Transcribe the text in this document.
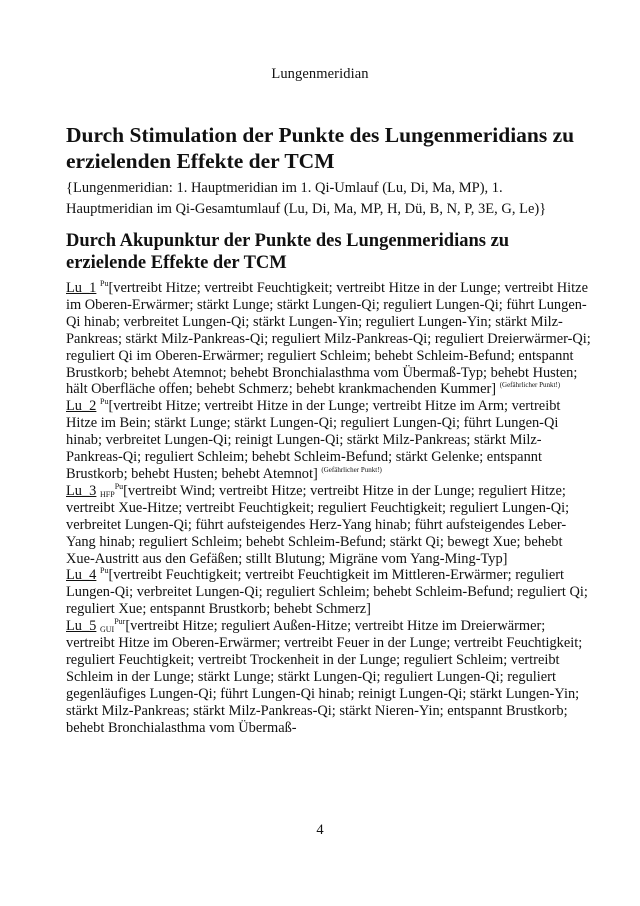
Lungenmeridian
Durch Stimulation der Punkte des Lungenmeridians zu erzielenden Effekte der TCM
{Lungenmeridian: 1. Hauptmeridian im 1. Qi-Umlauf (Lu, Di, Ma, MP), 1. Hauptmeridian im Qi-Gesamtumlauf (Lu, Di, Ma, MP, H, Dü, B, N, P, 3E, G, Le)}
Durch Akupunktur der Punkte des Lungenmeridians zu erzielende Effekte der TCM

Lu_1 $^{Pu}$[vertreibt Hitze; vertreibt Feuchtigkeit; vertreibt Hitze in der Lunge; vertreibt Hitze im Oberen-Erwärmer; stärkt Lunge; stärkt Lungen-Qi; reguliert Lungen-Qi; führt Lungen-Qi hinab; verbreitet Lungen-Qi; stärkt Lungen-Yin; reguliert Lungen-Yin; stärkt Milz-Pankreas; stärkt Milz-Pankreas-Qi; reguliert Milz-Pankreas-Qi; reguliert Dreierwärmer-Qi; reguliert Qi im Oberen-Erwärmer; reguliert Schleim; behebt Schleim-Befund; entspannt Brustkorb; behebt Atemnot; behebt Bronchialasthma vom Übermaß-Typ; behebt Husten; hält Oberfläche offen; behebt Schmerz; behebt krankmachenden Kummer] $^{(Gefährlicher Punkt!)}$

Lu_2 $^{Pu}$[vertreibt Hitze; vertreibt Hitze in der Lunge; vertreibt Hitze im Arm; vertreibt Hitze im Bein; stärkt Lunge; stärkt Lungen-Qi; reguliert Lungen-Qi; führt Lungen-Qi hinab; verbreitet Lungen-Qi; reinigt Lungen-Qi; stärkt Milz-Pankreas; stärkt Milz-Pankreas-Qi; reguliert Schleim; behebt Schleim-Befund; stärkt Gelenke; entspannt Brustkorb; behebt Husten; behebt Atemnot] $^{(Gefährlicher Punkt!)}$

Lu_3 $_{HFP}^{Pu}$[vertreibt Wind; vertreibt Hitze; vertreibt Hitze in der Lunge; reguliert Hitze; vertreibt Xue-Hitze; vertreibt Feuchtigkeit; reguliert Feuchtigkeit; reguliert Lungen-Qi; verbreitet Lungen-Qi; führt aufsteigendes Herz-Yang hinab; führt aufsteigendes Leber-Yang hinab; reguliert Schleim; behebt Schleim-Befund; stärkt Qi; bewegt Xue; behebt Xue-Austritt aus den Gefäßen; stillt Blutung; Migräne vom Yang-Ming-Typ]

Lu_4 $^{Pu}$[vertreibt Feuchtigkeit; vertreibt Feuchtigkeit im Mittleren-Erwärmer; reguliert Lungen-Qi; verbreitet Lungen-Qi; reguliert Schleim; behebt Schleim-Befund; reguliert Qi; reguliert Xue; entspannt Brustkorb; behebt Schmerz]

Lu_5 $_{GUI}^{Pur}$[vertreibt Hitze; reguliert Außen-Hitze; vertreibt Hitze im Dreierwärmer; vertreibt Hitze im Oberen-Erwärmer; vertreibt Feuer in der Lunge; vertreibt Feuchtigkeit; reguliert Feuchtigkeit; vertreibt Trockenheit in der Lunge; reguliert Schleim; vertreibt Schleim in der Lunge; stärkt Lunge; stärkt Lungen-Qi; reguliert Lungen-Qi; reguliert gegenläufiges Lungen-Qi; führt Lungen-Qi hinab; reinigt Lungen-Qi; stärkt Lungen-Yin; stärkt Milz-Pankreas; stärkt Milz-Pankreas-Qi; stärkt Nieren-Yin; entspannt Brustkorb; behebt Bronchialasthma vom Übermaß-

4
